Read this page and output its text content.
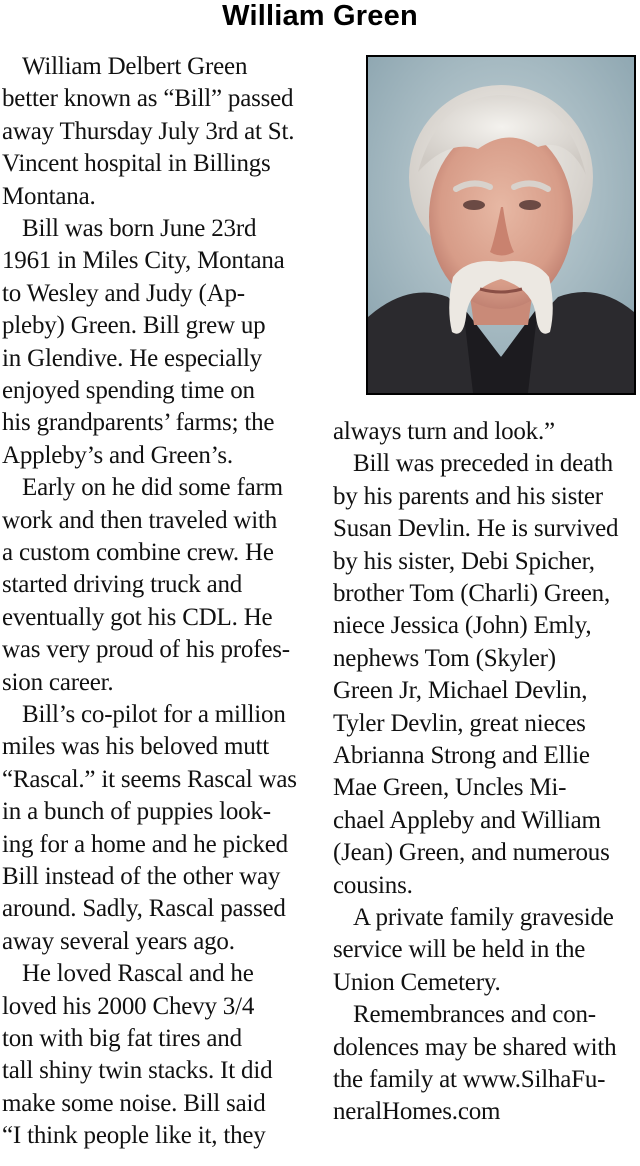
William Green
William Delbert Green
better known as “Bill” passed
away Thursday July 3rd at St.
Vincent hospital in Billings
Montana.
Bill was born June 23rd
1961 in Miles City, Montana
to Wesley and Judy (Ap-
pleby) Green. Bill grew up
in Glendive. He especially
enjoyed spending time on
his grandparents’ farms; the
Appleby’s and Green’s.
Early on he did some farm
work and then traveled with
a custom combine crew. He
started driving truck and
eventually got his CDL. He
was very proud of his profes-
sion career.
Bill’s co-pilot for a million
miles was his beloved mutt
“Rascal.” it seems Rascal was
in a bunch of puppies look-
ing for a home and he picked
Bill instead of the other way
around. Sadly, Rascal passed
away several years ago.
He loved Rascal and he
loved his 2000 Chevy 3/4
ton with big fat tires and
tall shiny twin stacks. It did
make some noise. Bill said
“I think people like it, they
always turn and look.”
Bill was preceded in death
by his parents and his sister
Susan Devlin. He is survived
by his sister, Debi Spicher,
brother Tom (Charli) Green,
niece Jessica (John) Emly,
nephews Tom (Skyler)
Green Jr, Michael Devlin,
Tyler Devlin, great nieces
Abrianna Strong and Ellie
Mae Green, Uncles Mi-
chael Appleby and William
(Jean) Green, and numerous
cousins.
A private family graveside
service will be held in the
Union Cemetery.
Remembrances and con-
dolences may be shared with
the family at www.SilhaFu-
neralHomes.com
